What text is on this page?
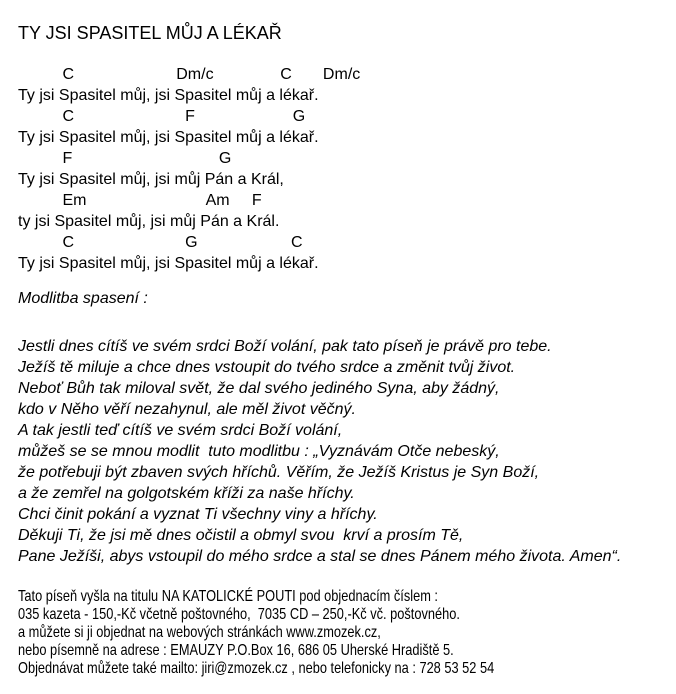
TY JSI SPASITEL MŮJ A LÉKAŘ
C                       Dm/c               C       Dm/c
Ty jsi Spasitel můj, jsi Spasitel můj a lékař.
C                         F                      G
Ty jsi Spasitel můj, jsi Spasitel můj a lékař.
F                                 G
Ty jsi Spasitel můj, jsi můj Pán a Král,
Em                           Am     F
ty jsi Spasitel můj, jsi můj Pán a Král.
C                         G                     C
Ty jsi Spasitel můj, jsi Spasitel můj a lékař.
Modlitba spasení :
Jestli dnes cítíš ve svém srdci Boží volání, pak tato píseň je právě pro tebe.
Ježíš tě miluje a chce dnes vstoupit do tvého srdce a změnit tvůj život.
Neboť Bůh tak miloval svět, že dal svého jediného Syna, aby žádný,
kdo v Něho věří nezahynul, ale měl život věčný.
A tak jestli teď cítíš ve svém srdci Boží volání,
můžeš se se mnou modlit  tuto modlitbu : „Vyznávám Otče nebeský,
že potřebuji být zbaven svých hříchů. Věřím, že Ježíš Kristus je Syn Boží,
a že zemřel na golgotském kříži za naše hříchy.
Chci činit pokání a vyznat Ti všechny viny a hříchy.
Děkuji Ti, že jsi mě dnes očistil a obmyl svou  krví a prosím Tě,
Pane Ježíši, abys vstoupil do mého srdce a stal se dnes Pánem mého života. Amen“.
Tato píseň vyšla na titulu NA KATOLICKÉ POUTI pod objednacím číslem :
035 kazeta - 150,-Kč včetně poštovného,  7035 CD – 250,-Kč vč. poštovného.
a můžete si ji objednat na webových stránkách www.zmozek.cz,
nebo písemně na adrese : EMAUZY P.O.Box 16, 686 05 Uherské Hradiště 5.
Objednávat můžete také mailto: jiri@zmozek.cz , nebo telefonicky na : 728 53 52 54
